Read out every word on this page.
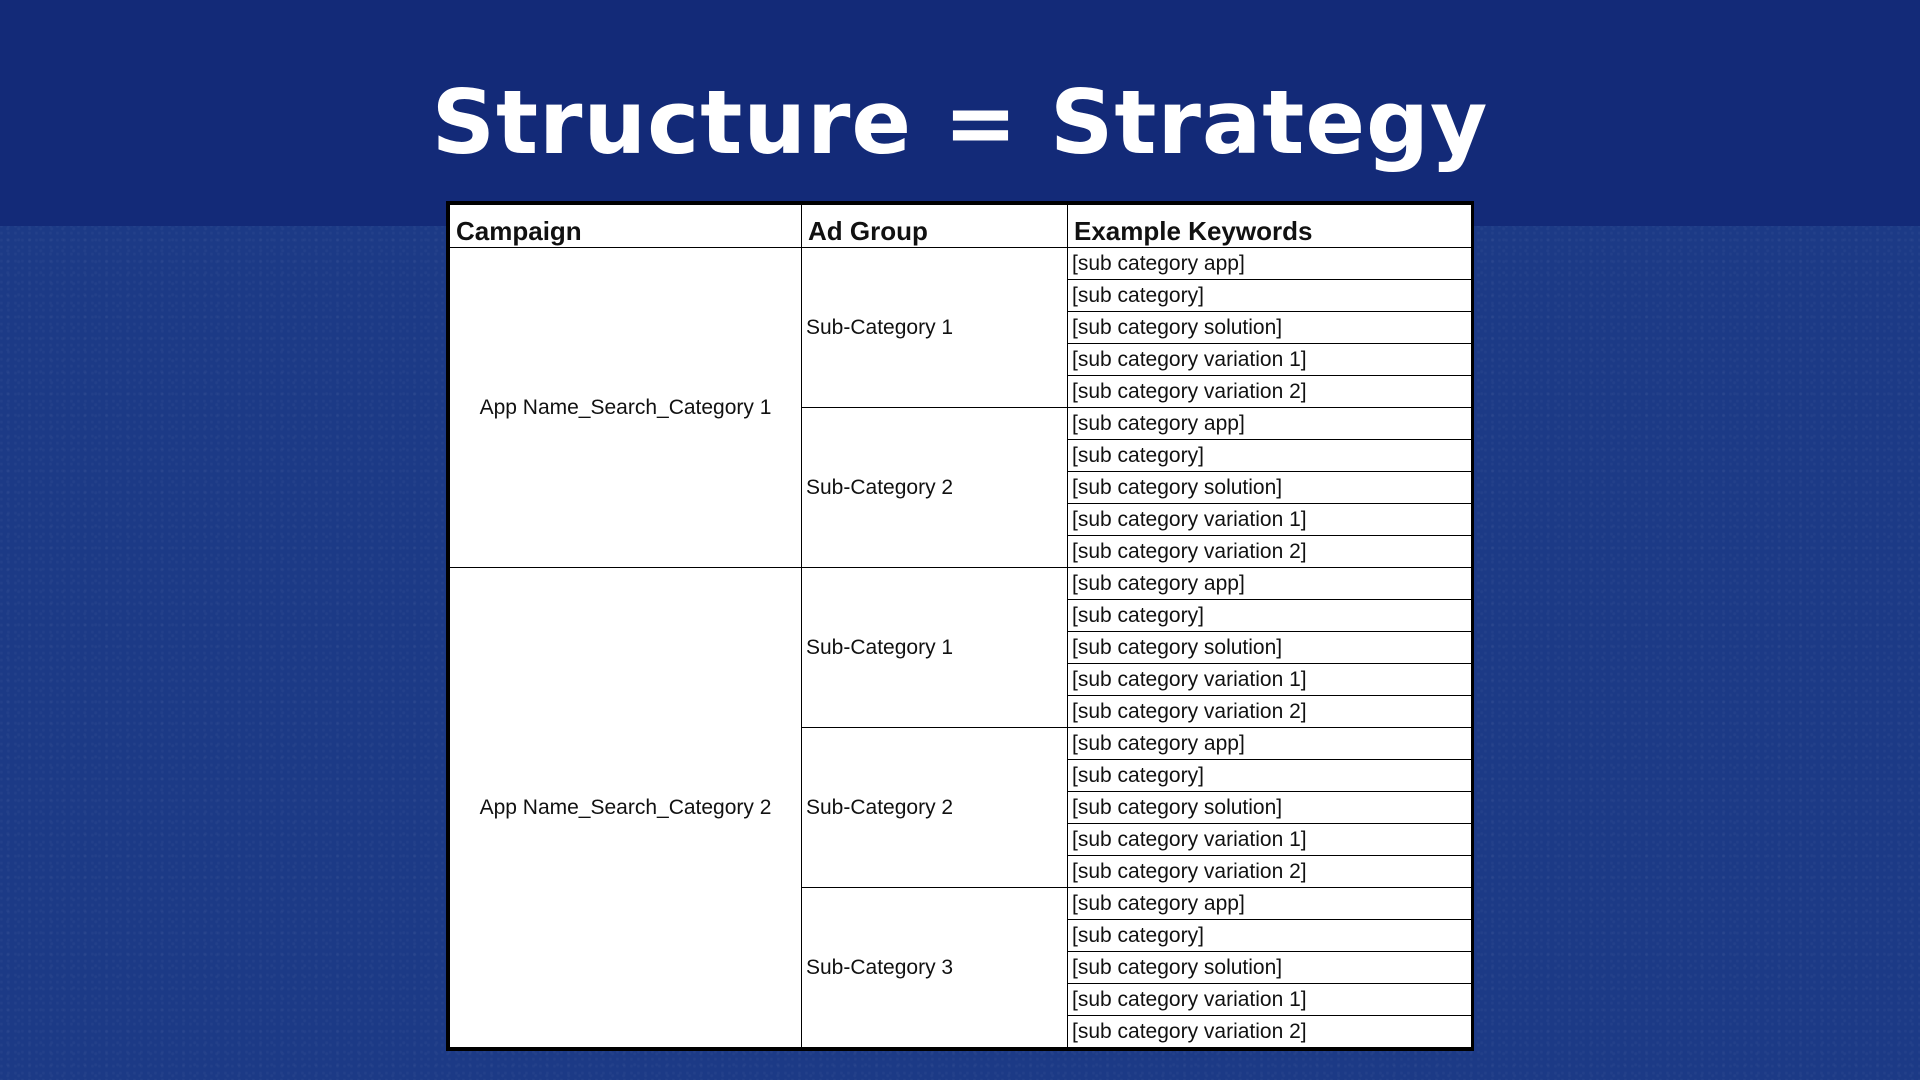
Structure = Strategy
Campaign	Ad Group	Example Keywords
App Name_Search_Category 1	Sub-Category 1	[sub category app]
		[sub category]
		[sub category solution]
		[sub category variation 1]
		[sub category variation 2]
	Sub-Category 2	[sub category app]
		[sub category]
		[sub category solution]
		[sub category variation 1]
		[sub category variation 2]
App Name_Search_Category 2	Sub-Category 1	[sub category app]
		[sub category]
		[sub category solution]
		[sub category variation 1]
		[sub category variation 2]
	Sub-Category 2	[sub category app]
		[sub category]
		[sub category solution]
		[sub category variation 1]
		[sub category variation 2]
	Sub-Category 3	[sub category app]
		[sub category]
		[sub category solution]
		[sub category variation 1]
		[sub category variation 2]
